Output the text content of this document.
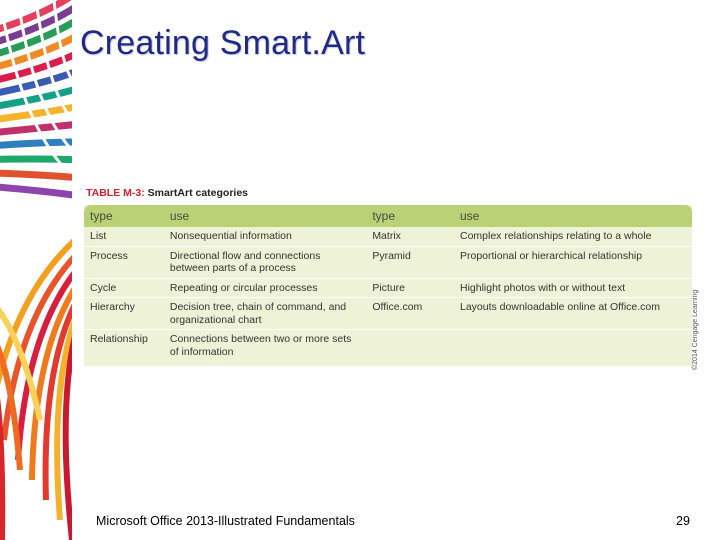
Creating Smart.Art
TABLE M-3: SmartArt categories
type	use	type	use
List	Nonsequential information	Matrix	Complex relationships relating to a whole
Process	Directional flow and connections between parts of a process	Pyramid	Proportional or hierarchical relationship
Cycle	Repeating or circular processes	Picture	Highlight photos with or without text
Hierarchy	Decision tree, chain of command, and organizational chart	Office.com	Layouts downloadable online at Office.com
Relationship	Connections between two or more sets of information			©2014 Cengage Learning
Microsoft Office 2013-Illustrated Fundamentals	29
